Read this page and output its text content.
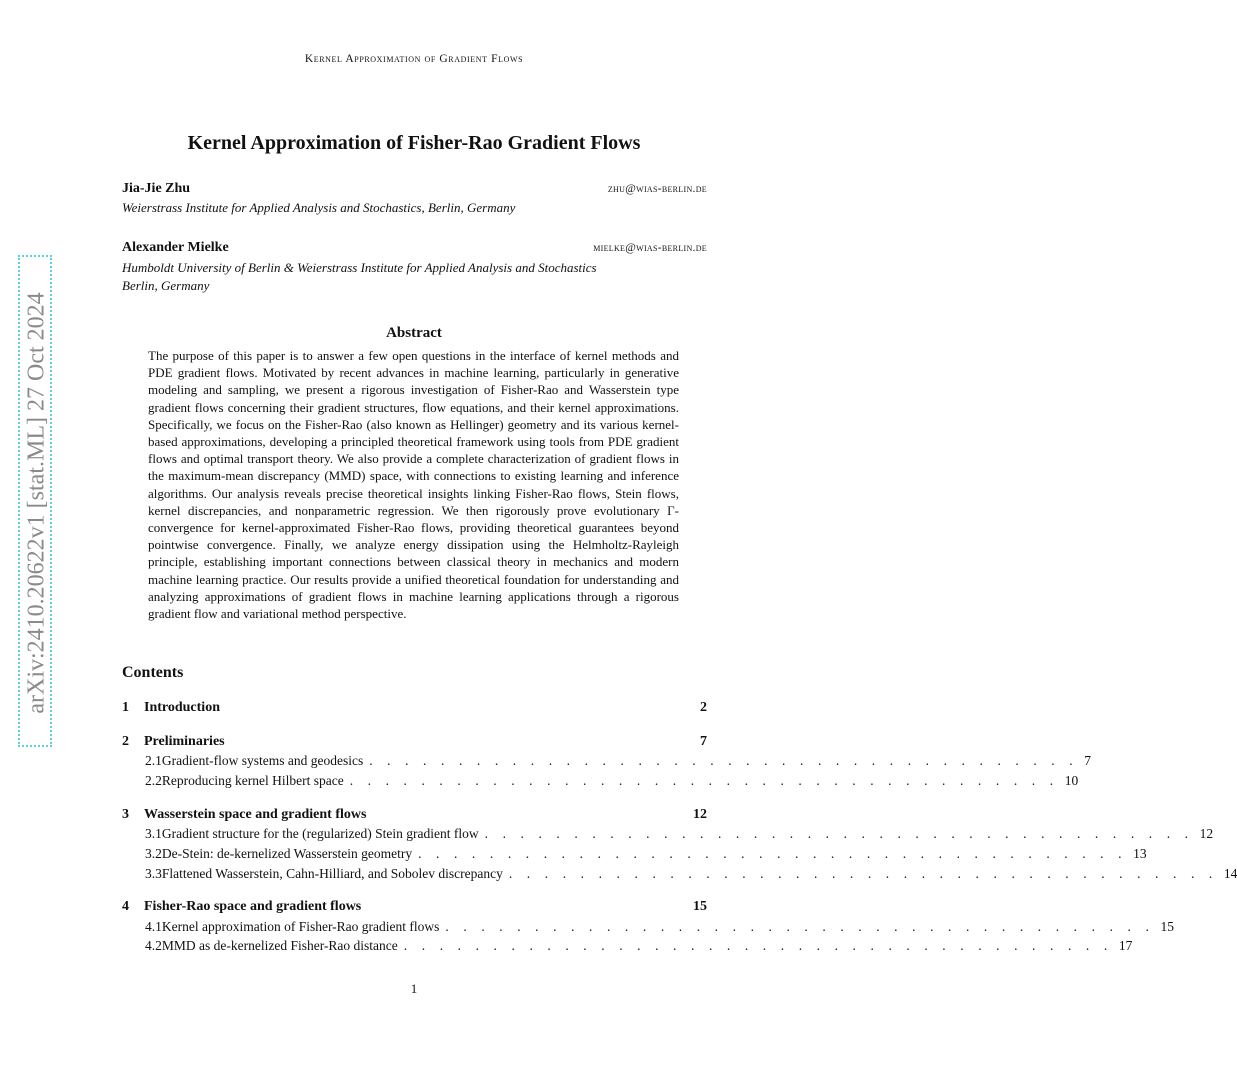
Kernel Approximation of Gradient Flows
Kernel Approximation of Fisher-Rao Gradient Flows
Jia-Jie Zhu	zhu@wias-berlin.de
Weierstrass Institute for Applied Analysis and Stochastics, Berlin, Germany
Alexander Mielke	mielke@wias-berlin.de
Humboldt University of Berlin & Weierstrass Institute for Applied Analysis and Stochastics
Berlin, Germany
Abstract
The purpose of this paper is to answer a few open questions in the interface of kernel methods and PDE gradient flows. Motivated by recent advances in machine learning, particularly in generative modeling and sampling, we present a rigorous investigation of Fisher-Rao and Wasserstein type gradient flows concerning their gradient structures, flow equations, and their kernel approximations. Specifically, we focus on the Fisher-Rao (also known as Hellinger) geometry and its various kernel-based approximations, developing a principled theoretical framework using tools from PDE gradient flows and optimal transport theory. We also provide a complete characterization of gradient flows in the maximum-mean discrepancy (MMD) space, with connections to existing learning and inference algorithms. Our analysis reveals precise theoretical insights linking Fisher-Rao flows, Stein flows, kernel discrepancies, and nonparametric regression. We then rigorously prove evolutionary Γ-convergence for kernel-approximated Fisher-Rao flows, providing theoretical guarantees beyond pointwise convergence. Finally, we analyze energy dissipation using the Helmholtz-Rayleigh principle, establishing important connections between classical theory in mechanics and modern machine learning practice. Our results provide a unified theoretical foundation for understanding and analyzing approximations of gradient flows in machine learning applications through a rigorous gradient flow and variational method perspective.
Contents
1	Introduction	2
2	Preliminaries	7
2.1 Gradient-flow systems and geodesics . . . . . . . . . . . . . . . . . . . . . . . . . . . . . . . . . . . . . . . . 7
2.2 Reproducing kernel Hilbert space . . . . . . . . . . . . . . . . . . . . . . . . . . . . . . . . . . . . . . . . 10
3	Wasserstein space and gradient flows	12
3.1 Gradient structure for the (regularized) Stein gradient flow . . . . . . . . . . . . . . . . . . . . . . . . . . . . . . . . . . . . . . . . 12
3.2 De-Stein: de-kernelized Wasserstein geometry . . . . . . . . . . . . . . . . . . . . . . . . . . . . . . . . . . . . . . . . 13
3.3 Flattened Wasserstein, Cahn-Hilliard, and Sobolev discrepancy . . . . . . . . . . . . . . . . . . . . . . . . . . . . . . . . . . . . . . . . 14
4	Fisher-Rao space and gradient flows	15
4.1 Kernel approximation of Fisher-Rao gradient flows . . . . . . . . . . . . . . . . . . . . . . . . . . . . . . . . . . . . . . . . 15
4.2 MMD as de-kernelized Fisher-Rao distance . . . . . . . . . . . . . . . . . . . . . . . . . . . . . . . . . . . . . . . . 17
arXiv:2410.20622v1 [stat.ML] 27 Oct 2024
1
